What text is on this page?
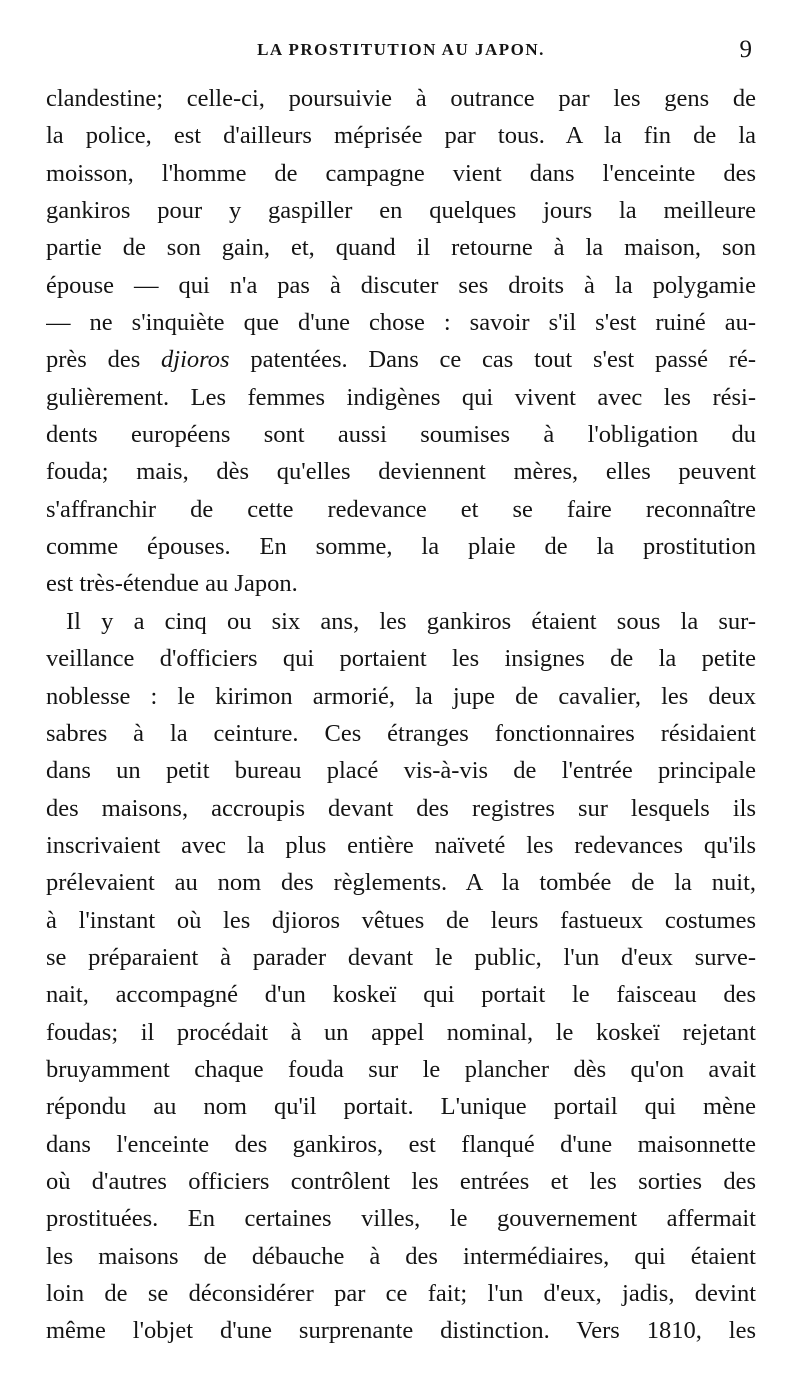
LA PROSTITUTION AU JAPON.	9
clandestine; celle-ci, poursuivie à outrance par les gens de
la police, est d'ailleurs méprisée par tous. A la fin de la
moisson, l'homme de campagne vient dans l'enceinte des
gankiros pour y gaspiller en quelques jours la meilleure
partie de son gain, et, quand il retourne à la maison, son
épouse — qui n'a pas à discuter ses droits à la polygamie
— ne s'inquiète que d'une chose : savoir s'il s'est ruiné au-
près des djioros patentées. Dans ce cas tout s'est passé ré-
gulièrement. Les femmes indigènes qui vivent avec les rési-
dents européens sont aussi soumises à l'obligation du
fouda; mais, dès qu'elles deviennent mères, elles peuvent
s'affranchir de cette redevance et se faire reconnaître
comme épouses. En somme, la plaie de la prostitution
est très-étendue au Japon.
Il y a cinq ou six ans, les gankiros étaient sous la sur-
veillance d'officiers qui portaient les insignes de la petite
noblesse : le kirimon armorié, la jupe de cavalier, les deux
sabres à la ceinture. Ces étranges fonctionnaires résidaient
dans un petit bureau placé vis-à-vis de l'entrée principale
des maisons, accroupis devant des registres sur lesquels ils
inscrivaient avec la plus entière naïveté les redevances qu'ils
prélevaient au nom des règlements. A la tombée de la nuit,
à l'instant où les djioros vêtues de leurs fastueux costumes
se préparaient à parader devant le public, l'un d'eux surve-
nait, accompagné d'un koskeï qui portait le faisceau des
foudas; il procédait à un appel nominal, le koskeï rejetant
bruyamment chaque fouda sur le plancher dès qu'on avait
répondu au nom qu'il portait. L'unique portail qui mène
dans l'enceinte des gankiros, est flanqué d'une maisonnette
où d'autres officiers contrôlent les entrées et les sorties des
prostituées. En certaines villes, le gouvernement affermait
les maisons de débauche à des intermédiaires, qui étaient
loin de se déconsidérer par ce fait; l'un d'eux, jadis, devint
même l'objet d'une surprenante distinction. Vers 1810, les
